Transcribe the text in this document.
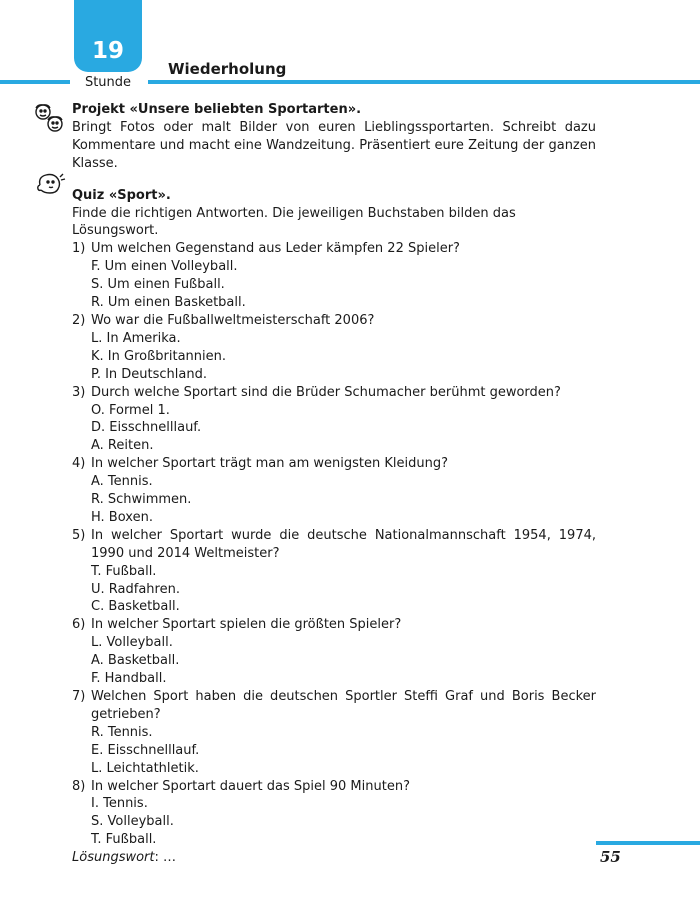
19
Stunde
Wiederholung
Projekt «Unsere beliebten Sportarten».
Bringt Fotos oder malt Bilder von euren Lieblingssportarten. Schreibt dazu Kommentare und macht eine Wandzeitung. Präsentiert eure Zeitung der ganzen Klasse.
Quiz «Sport».
Finde die richtigen Antworten. Die jeweiligen Buchstaben bilden das Lösungswort.
1) Um welchen Gegenstand aus Leder kämpfen 22 Spieler?
F. Um einen Volleyball.
S. Um einen Fußball.
R. Um einen Basketball.
2) Wo war die Fußballweltmeisterschaft 2006?
L. In Amerika.
K. In Großbritannien.
P. In Deutschland.
3) Durch welche Sportart sind die Brüder Schumacher berühmt geworden?
O. Formel 1.
D. Eisschnelllauf.
A. Reiten.
4) In welcher Sportart trägt man am wenigsten Kleidung?
A. Tennis.
R. Schwimmen.
H. Boxen.
5) In welcher Sportart wurde die deutsche Nationalmannschaft 1954, 1974, 1990 und 2014 Weltmeister?
T. Fußball.
U. Radfahren.
C. Basketball.
6) In welcher Sportart spielen die größten Spieler?
L. Volleyball.
A. Basketball.
F. Handball.
7) Welchen Sport haben die deutschen Sportler Steffi Graf und Boris Becker getrieben?
R. Tennis.
E. Eisschnelllauf.
L. Leichtathletik.
8) In welcher Sportart dauert das Spiel 90 Minuten?
I. Tennis.
S. Volleyball.
T. Fußball.
Lösungswort: …	55
